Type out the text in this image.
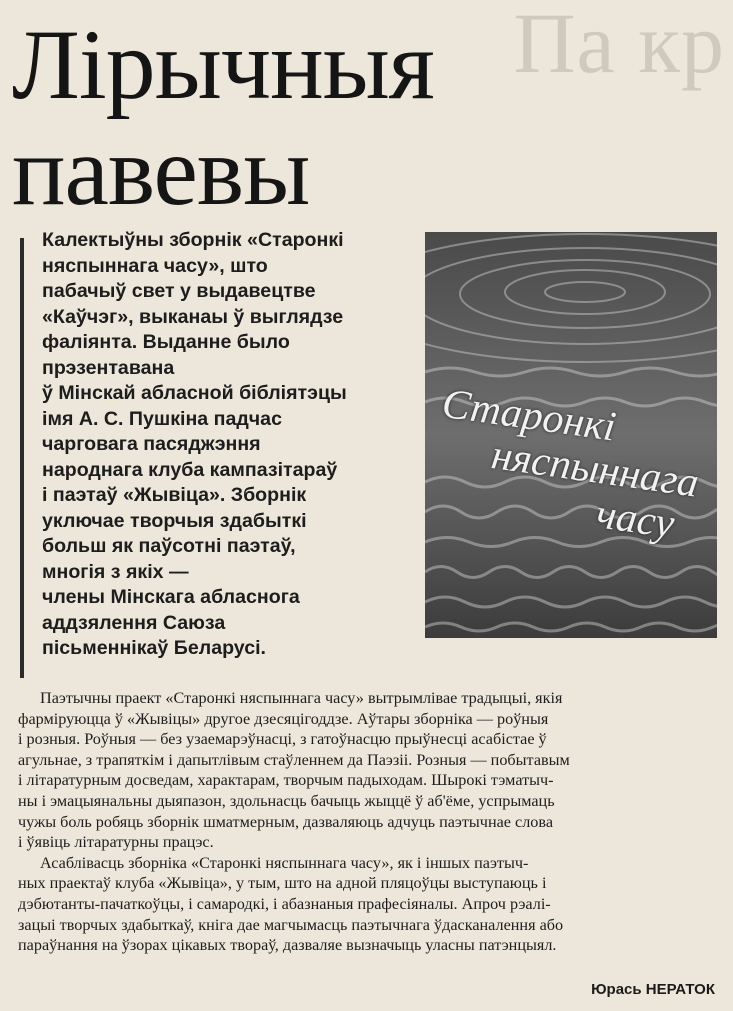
Па кр
Лірычныя
павевы
Калектыўны зборнік «Старонкі
няспыннага часу», што
пабачыў свет у выдавецтве
«Каўчэг», выканаы ў выглядзе
фаліянта. Выданне было
прэзентавана
ў Мінскай абласной бібліятэцы
імя А. С. Пушкіна падчас
чарговага пасяджэння
народнага клуба кампазітараў
і паэтаў «Жывіца». Зборнік
уключае творчыя здабыткі
больш як паўсотні паэтаў,
многія з якіх —
члены Мінскага абласнога
аддзялення Саюза
пісьменнікаў Беларусі.
Старонкі
няспыннага
часу

Паэтычны праект «Старонкі няспыннага часу» вытрымлівае традыцыі, якія
фарміруюцца ў «Жывіцы» другое дзесяцігоддзе. Аўтары зборніка — роўныя
і розныя. Роўныя — без узаемарэўнасці, з гатоўнасцю прыўнесці асабістае ў
агульнае, з трапяткім і дапытлівым стаўленнем да Паэзіі. Розныя — побытавым
і літаратурным досведам, характарам, творчым падыходам. Шырокі тэматыч-
ны і эмацыянальны дыяпазон, здольнасць бачыць жыццё ў аб'ёме, успрымаць
чужы боль робяць зборнік шматмерным, дазваляюць адчуць паэтычнае слова
і ўявіць літаратурны працэс.

Асаблівасць зборніка «Старонкі няспыннага часу», як і іншых паэтыч-
ных праектаў клуба «Жывіца», у тым, што на адной пляцоўцы выступаюць і
дэбютанты-пачаткоўцы, і самародкі, і абазнаныя прафесіяналы. Апроч рэалі-
зацыі творчых здабыткаў, кніга дае магчымасць паэтычнага ўдасканалення або
параўнання на ўзорах цікавых твораў, дазваляе вызначыць уласны патэнцыял.

Юрась НЕРАТОК
